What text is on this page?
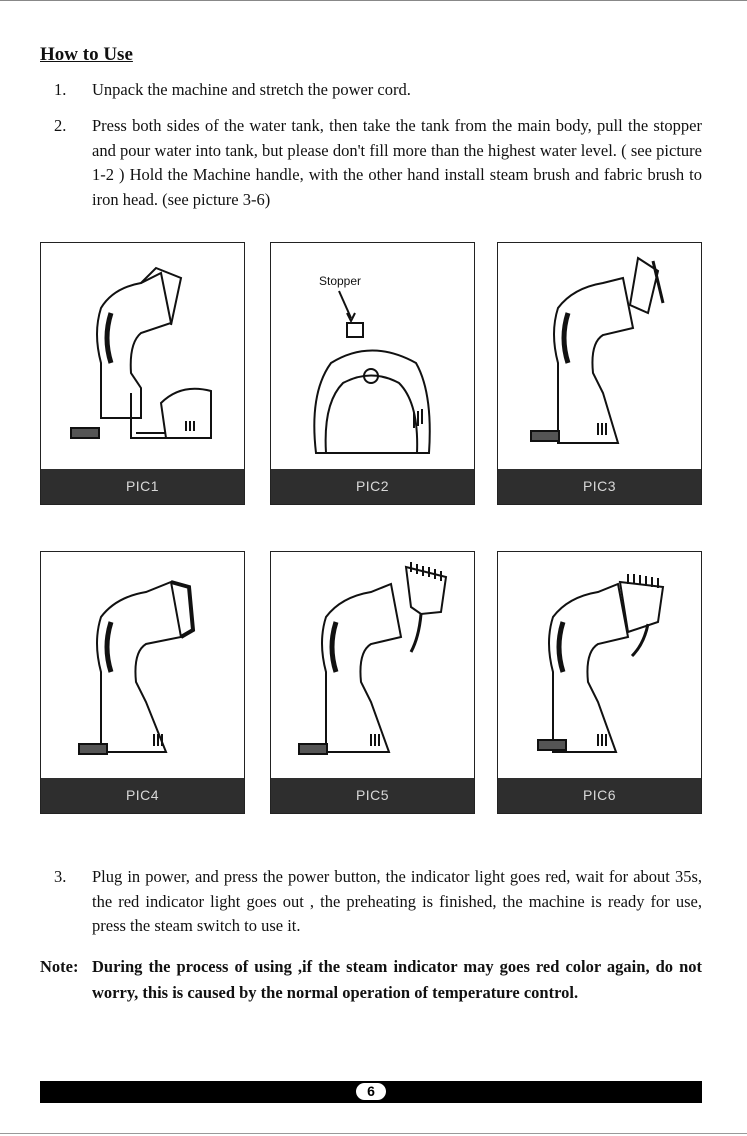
How to Use
1. Unpack the machine and stretch the power cord.
2. Press both sides of the water tank, then take the tank from the main body, pull the stopper and pour water into tank, but please don't fill more than the highest water level. ( see picture 1-2 ) Hold the Machine handle, with the other hand install steam brush and fabric brush to iron head. (see picture 3-6)
PIC1
Stopper
PIC2	PIC3
PIC4	PIC5	PIC6
3. Plug in power, and press the power button, the indicator light goes red, wait for about 35s, the red indicator light goes out , the preheating is finished, the machine is ready for use, press the steam switch to use it.
Note: During the process of using ,if the steam indicator may goes red color again, do not worry, this is caused by the normal operation of temperature control.
6
